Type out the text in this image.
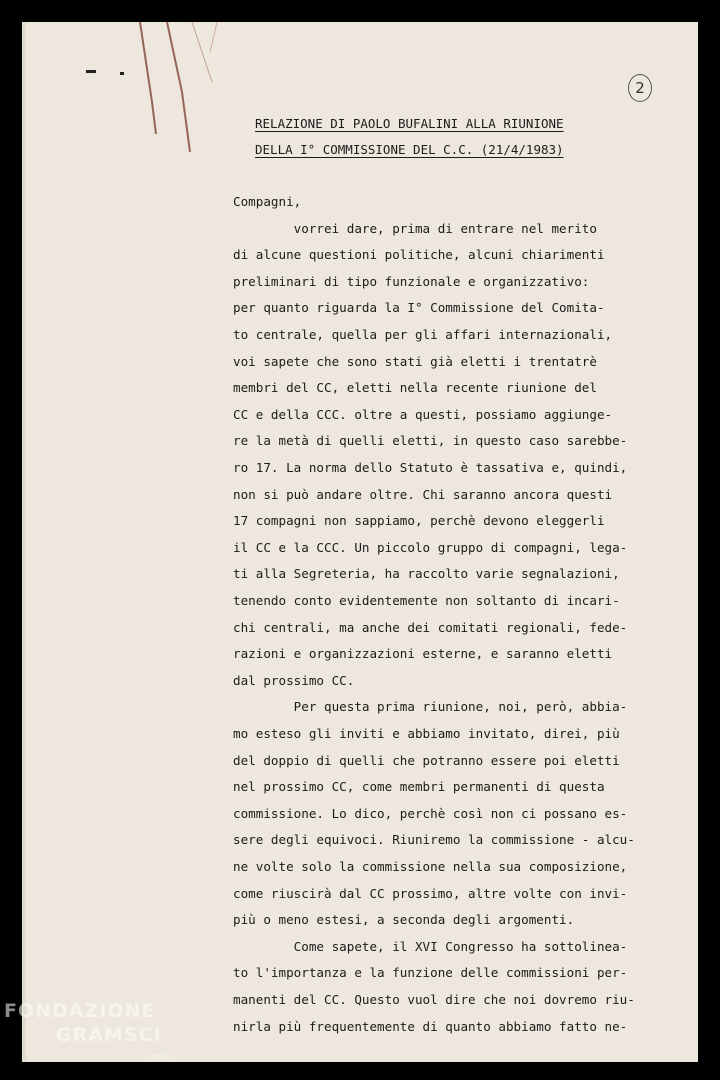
2

RELAZIONE DI PAOLO BUFALINI ALLA RIUNIONE

DELLA I° COMMISSIONE DEL C.C. (21/4/1983)

Compagni,

vorrei dare, prima di entrare nel merito

di alcune questioni politiche, alcuni chiarimenti

preliminari di tipo funzionale e organizzativo:

per quanto riguarda la I° Commissione del Comita-

to centrale, quella per gli affari internazionali,

voi sapete che sono stati già eletti i trentatrè

membri del CC, eletti nella recente riunione del

CC e della CCC. oltre a questi, possiamo aggiunge-

re la metà di quelli eletti, in questo caso sarebbe-

ro 17. La norma dello Statuto è tassativa e, quindi,

non si può andare oltre. Chi saranno ancora questi

17 compagni non sappiamo, perchè devono eleggerli

il CC e la CCC. Un piccolo gruppo di compagni, lega-

ti alla Segreteria, ha raccolto varie segnalazioni,

tenendo conto evidentemente non soltanto di incari-

chi centrali, ma anche dei comitati regionali, fede-

razioni e organizzazioni esterne, e saranno eletti

dal prossimo CC.

Per questa prima riunione, noi, però, abbia-

mo esteso gli inviti e abbiamo invitato, direi, più

del doppio di quelli che potranno essere poi eletti

nel prossimo CC, come membri permanenti di questa

commissione. Lo dico, perchè così non ci possano es-

sere degli equivoci. Riuniremo la commissione - alcu-

ne volte solo la commissione nella sua composizione,

come riuscirà dal CC prossimo, altre volte con invi-

più o meno estesi, a seconda degli argomenti.

Come sapete, il XVI Congresso ha sottolinea-

to l'importanza e la funzione delle commissioni per-

manenti del CC. Questo vuol dire che noi dovremo riu-

nirla più frequentemente di quanto abbiamo fatto ne-

FONDAZIONE
GRAMSCI
onlus
